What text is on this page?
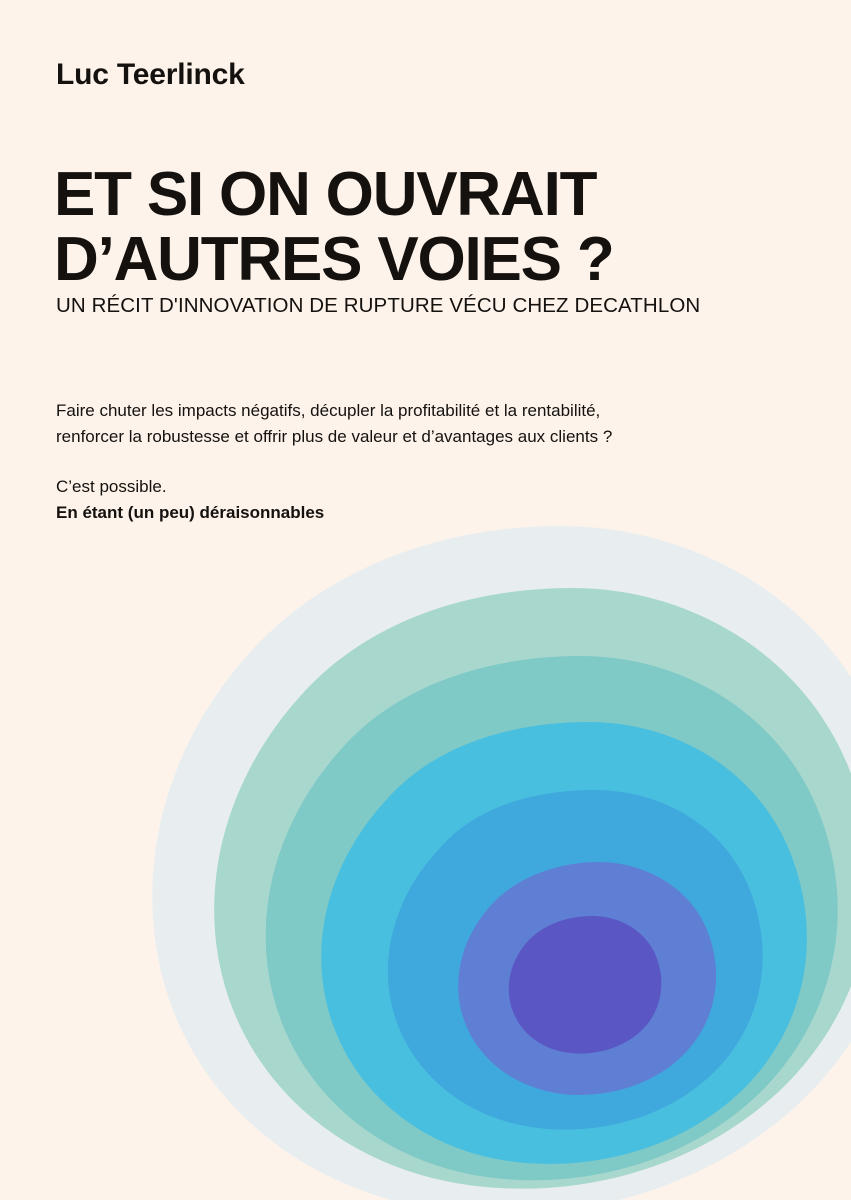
Luc Teerlinck
ET SI ON OUVRAIT
D’AUTRES VOIES ?
UN RÉCIT D'INNOVATION DE RUPTURE VÉCU CHEZ DECATHLON
Faire chuter les impacts négatifs, décupler la profitabilité et la rentabilité,
renforcer la robustesse et offrir plus de valeur et d’avantages aux clients ?
C’est possible.
En étant (un peu) déraisonnables
